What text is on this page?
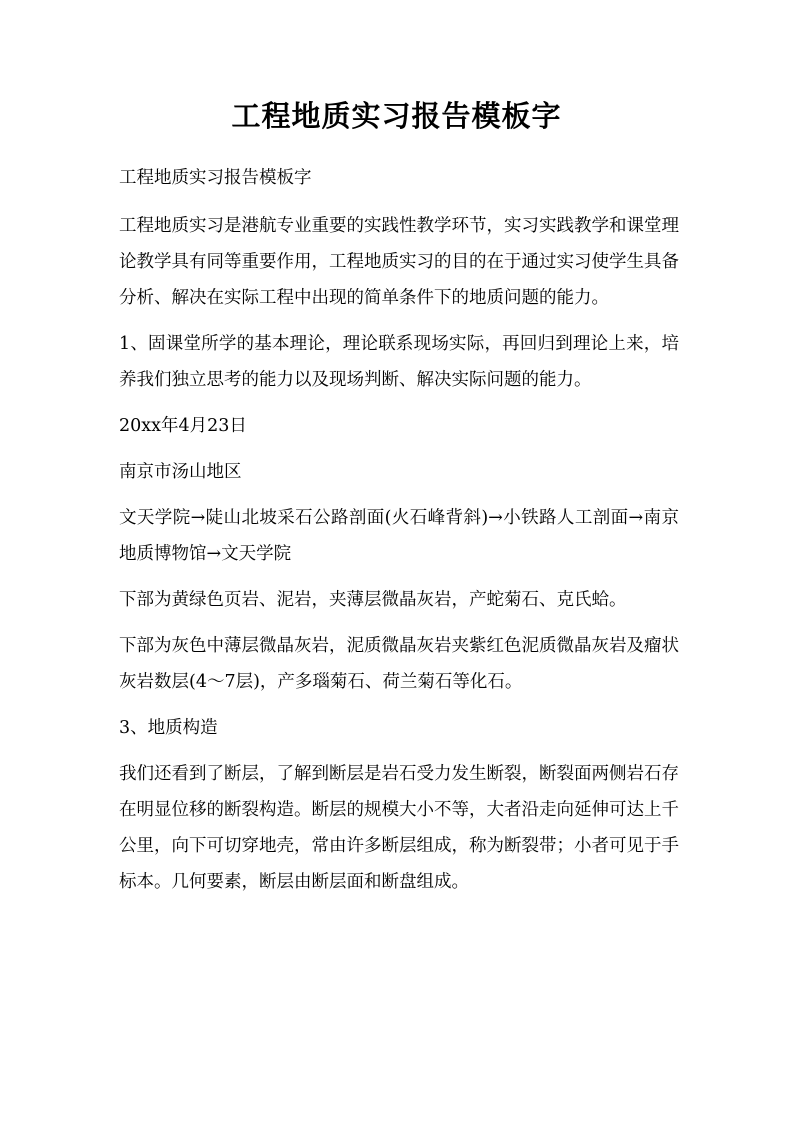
工程地质实习报告模板字

工程地质实习报告模板字

工程地质实习是港航专业重要的实践性教学环节，实习实践教学和课堂理论教学具有同等重要作用，工程地质实习的目的在于通过实习使学生具备分析、解决在实际工程中出现的简单条件下的地质问题的能力。

1、固课堂所学的基本理论，理论联系现场实际，再回归到理论上来，培养我们独立思考的能力以及现场判断、解决实际问题的能力。

20xx年4月23日

南京市汤山地区

文天学院→陡山北坡采石公路剖面(火石峰背斜)→小铁路人工剖面→南京地质博物馆→文天学院

下部为黄绿色页岩、泥岩，夹薄层微晶灰岩，产蛇菊石、克氏蛤。

下部为灰色中薄层微晶灰岩，泥质微晶灰岩夹紫红色泥质微晶灰岩及瘤状灰岩数层(4～7层)，产多瑙菊石、荷兰菊石等化石。

3、地质构造

我们还看到了断层，了解到断层是岩石受力发生断裂，断裂面两侧岩石存在明显位移的断裂构造。断层的规模大小不等，大者沿走向延伸可达上千公里，向下可切穿地壳，常由许多断层组成，称为断裂带；小者可见于手标本。几何要素，断层由断层面和断盘组成。
